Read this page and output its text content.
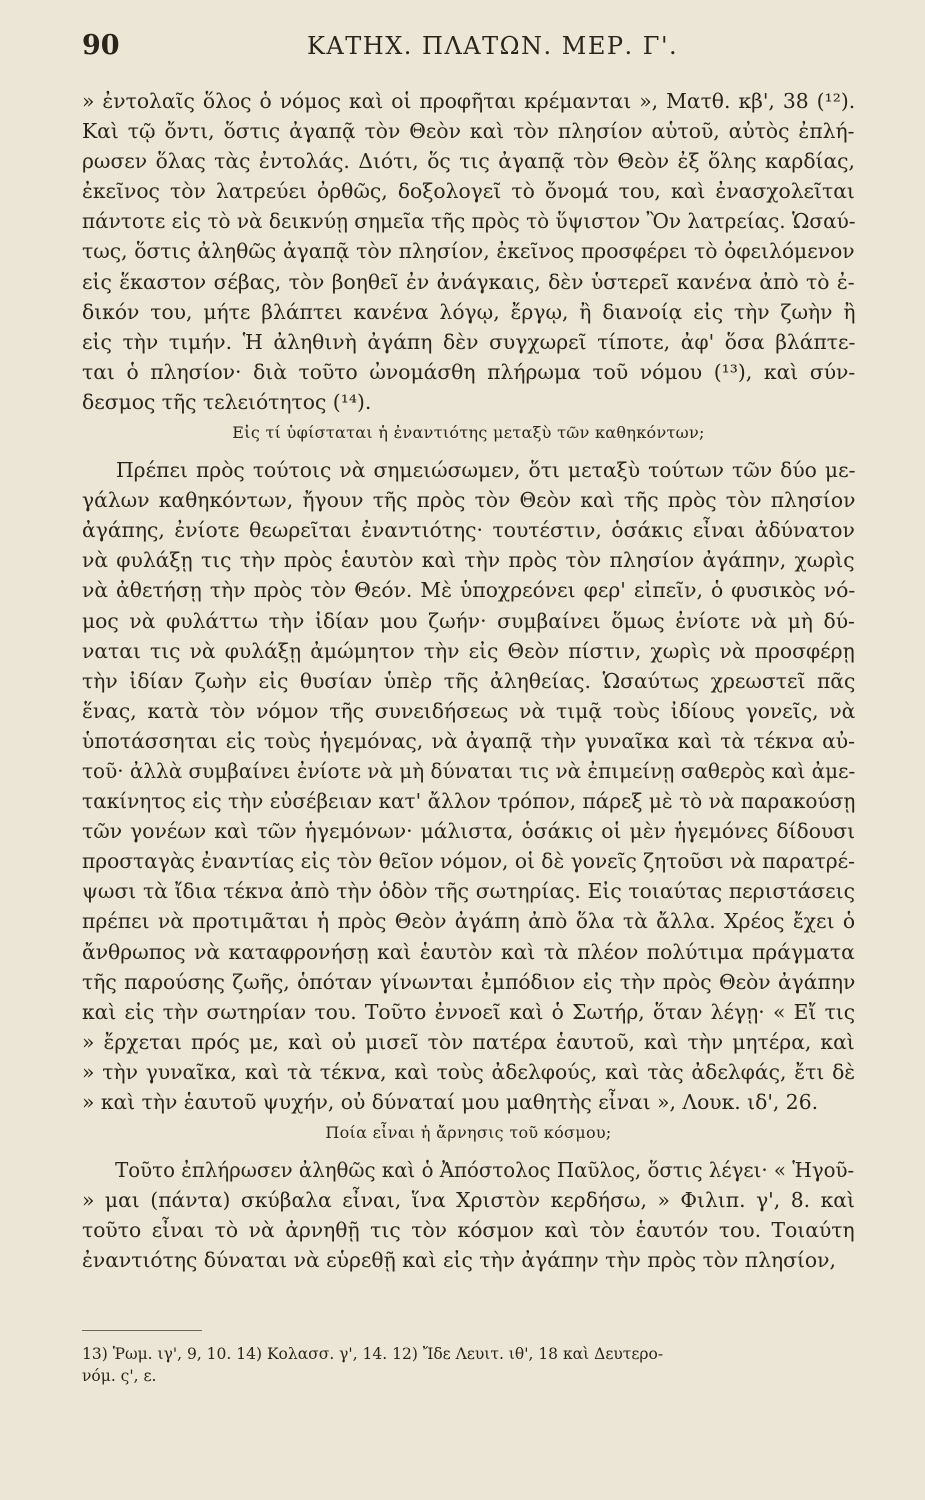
90	ΚΑΤΗΧ. ΠΛΑΤΩΝ. ΜΕΡ. Γ'.

» ἐντολαῖς ὅλος ὁ νόμος καὶ οἱ προφῆται κρέμανται », Ματθ. κβ', 38 (¹²).
Καὶ τῷ ὄντι, ὅστις ἀγαπᾷ τὸν Θεὸν καὶ τὸν πλησίον αὑτοῦ, αὐτὸς ἐπλή-
ρωσεν ὅλας τὰς ἐντολάς. Διότι, ὅς τις ἀγαπᾷ τὸν Θεὸν ἐξ ὅλης καρδίας,
ἐκεῖνος τὸν λατρεύει ὀρθῶς, δοξολογεῖ τὸ ὄνομά του, καὶ ἐνασχολεῖται
πάντοτε εἰς τὸ νὰ δεικνύῃ σημεῖα τῆς πρὸς τὸ ὕψιστον Ὂν λατρείας. Ὡσαύ-
τως, ὅστις ἀληθῶς ἀγαπᾷ τὸν πλησίον, ἐκεῖνος προσφέρει τὸ ὀφειλόμενον
εἰς ἕκαστον σέβας, τὸν βοηθεῖ ἐν ἀνάγκαις, δὲν ὑστερεῖ κανένα ἀπὸ τὸ ἐ-
δικόν του, μήτε βλάπτει κανένα λόγῳ, ἔργῳ, ἢ διανοίᾳ εἰς τὴν ζωὴν ἢ
εἰς τὴν τιμήν. Ἡ ἀληθινὴ ἀγάπη δὲν συγχωρεῖ τίποτε, ἀφ' ὅσα βλάπτε-
ται ὁ πλησίον· διὰ τοῦτο ὠνομάσθη πλήρωμα τοῦ νόμου (¹³), καὶ σύν-
δεσμος τῆς τελειότητος (¹⁴).

Εἰς τί ὑφίσταται ἡ ἐναντιότης μεταξὺ τῶν καθηκόντων;

Πρέπει πρὸς τούτοις νὰ σημειώσωμεν, ὅτι μεταξὺ τούτων τῶν δύο με-
γάλων καθηκόντων, ἤγουν τῆς πρὸς τὸν Θεὸν καὶ τῆς πρὸς τὸν πλησίον
ἀγάπης, ἐνίοτε θεωρεῖται ἐναντιότης· τουτέστιν, ὁσάκις εἶναι ἀδύνατον
νὰ φυλάξῃ τις τὴν πρὸς ἑαυτὸν καὶ τὴν πρὸς τὸν πλησίον ἀγάπην, χωρὶς
νὰ ἀθετήσῃ τὴν πρὸς τὸν Θεόν. Μὲ ὑποχρεόνει φερ' εἰπεῖν, ὁ φυσικὸς νό-
μος νὰ φυλάττω τὴν ἰδίαν μου ζωήν· συμβαίνει ὅμως ἐνίοτε νὰ μὴ δύ-
ναται τις νὰ φυλάξῃ ἀμώμητον τὴν εἰς Θεὸν πίστιν, χωρὶς νὰ προσφέρῃ
τὴν ἰδίαν ζωὴν εἰς θυσίαν ὑπὲρ τῆς ἀληθείας. Ὡσαύτως χρεωστεῖ πᾶς
ἕνας, κατὰ τὸν νόμον τῆς συνειδήσεως νὰ τιμᾷ τοὺς ἰδίους γονεῖς, νὰ
ὑποτάσσηται εἰς τοὺς ἡγεμόνας, νὰ ἀγαπᾷ τὴν γυναῖκα καὶ τὰ τέκνα αὐ-
τοῦ· ἀλλὰ συμβαίνει ἐνίοτε νὰ μὴ δύναται τις νὰ ἐπιμείνῃ σαθερὸς καὶ ἀμε-
τακίνητος εἰς τὴν εὐσέβειαν κατ' ἄλλον τρόπον, πάρεξ μὲ τὸ νὰ παρακούσῃ
τῶν γονέων καὶ τῶν ἡγεμόνων· μάλιστα, ὁσάκις οἱ μὲν ἡγεμόνες δίδουσι
προσταγὰς ἐναντίας εἰς τὸν θεῖον νόμον, οἱ δὲ γονεῖς ζητοῦσι νὰ παρατρέ-
ψωσι τὰ ἴδια τέκνα ἀπὸ τὴν ὁδὸν τῆς σωτηρίας. Εἰς τοιαύτας περιστάσεις
πρέπει νὰ προτιμᾶται ἡ πρὸς Θεὸν ἀγάπη ἀπὸ ὅλα τὰ ἄλλα. Χρέος ἔχει ὁ
ἄνθρωπος νὰ καταφρονήσῃ καὶ ἑαυτὸν καὶ τὰ πλέον πολύτιμα πράγματα
τῆς παρούσης ζωῆς, ὁπόταν γίνωνται ἐμπόδιον εἰς τὴν πρὸς Θεὸν ἀγάπην
καὶ εἰς τὴν σωτηρίαν του. Τοῦτο ἐννοεῖ καὶ ὁ Σωτήρ, ὅταν λέγῃ· « Εἴ τις
» ἔρχεται πρός με, καὶ οὐ μισεῖ τὸν πατέρα ἑαυτοῦ, καὶ τὴν μητέρα, καὶ
» τὴν γυναῖκα, καὶ τὰ τέκνα, καὶ τοὺς ἀδελφούς, καὶ τὰς ἀδελφάς, ἔτι δὲ
» καὶ τὴν ἑαυτοῦ ψυχήν, οὐ δύναταί μου μαθητὴς εἶναι », Λουκ. ιδ', 26.

Ποία εἶναι ἡ ἄρνησις τοῦ κόσμου;

Τοῦτο ἐπλήρωσεν ἀληθῶς καὶ ὁ Ἀπόστολος Παῦλος, ὅστις λέγει· « Ἡγοῦ-
» μαι (πάντα) σκύβαλα εἶναι, ἵνα Χριστὸν κερδήσω, » Φιλιπ. γ', 8. καὶ
τοῦτο εἶναι τὸ νὰ ἀρνηθῇ τις τὸν κόσμον καὶ τὸν ἑαυτόν του. Τοιαύτη
ἐναντιότης δύναται νὰ εὑρεθῇ καὶ εἰς τὴν ἀγάπην τὴν πρὸς τὸν πλησίον,

13) Ῥωμ. ιγ', 9, 10. 14) Κολασσ. γ', 14. 12) Ἴδε Λευιτ. ιθ', 18 καὶ Δευτερο-

νόμ. ς', ε.
